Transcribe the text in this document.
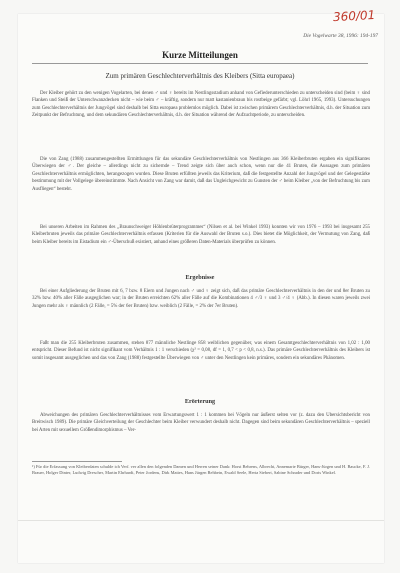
360/01
Die Vogelwarte 38, 1996: 194-197
Kurze Mitteilungen
Zum primären Geschlechterverhältnis des Kleibers (Sitta europaea)
Der Kleiber gehört zu den wenigen Vogelarten, bei denen ♂ und ♀ bereits im Nestlingsstadium anhand von Gefiederunterschieden zu unterscheiden sind (beim ♀ sind Flanken und Steiß der Unterschwanzdecken nicht – wie beim ♂ – kräftig, sondern nur matt kastanienbraun bis rostbeige gefärbt; vgl. Löhrl 1965, 1993). Untersuchungen zum Geschlechterverhältnis der Jungvögel sind deshalb bei Sitta europaea problemlos möglich. Dabei ist zwischen primärem Geschlechterverhältnis, d.h. der Situation zum Zeitpunkt der Befruchtung, und dem sekundären Geschlechterverhältnis, d.h. der Situation während der Aufzuchtperiode, zu unterscheiden.
Die von Zang (1988) zusammengestellten Ermittlungen für das sekundäre Geschlechterverhältnis von Nestlingen aus 366 Kleiberbruten ergaben ein signifikantes Überwiegen der ♂. Der gleiche – allerdings nicht zu sichernde – Trend zeigte sich über auch schon, wenn nur die 41 Bruten, die Aussagen zum primären Geschlechterverhältnis ermöglichten, herangezogen wurden. Diese Bruten erfüllten jeweils das Kriterium, daß die festgestellte Anzahl der Jungvögel und der Gelegestärke bestimmung mit der Vollgelege übereinstimmte. Nach Ansicht von Zang war damit, daß das Ungleichgewicht zu Gunsten der ♂ beim Kleiber „von der Befruchtung bis zum Ausfliegen“ besteht.
Bei unseren Arbeiten im Rahmen des „Braunschweiger Höhlenbrüterprogrammes“ (Nilsen et al. bei Winkel 1993) konnten wir von 1976 – 1993 bei insgesamt 255 Kleiberbruten jeweils das primäre Geschlechterverhältnis erfassen (Kriterien für die Auswahl der Bruten s.o.). Dies bietet die Möglichkeit, der Vermutung von Zang, daß beim Kleiber bereits im Eistadium ein ♂-Überschuß existiert, anhand eines größeren Daten-Materials überprüfen zu können.
Ergebnisse
Bei einer Aufgliederung der Bruten mit 6, 7 bzw. 8 Eiern und Jungen nach ♂ und ♀ zeigt sich, daß das primäre Geschlechterverhältnis in den der und 8er Bruten zu 32% bzw. 40% aller Fälle ausgeglichen war; in der Bruten erreichten 62% aller Fälle auf die Kombinationen 4 ♂/3 ♀ und 3 ♂/4 ♀ (Abb.). In diesen waren jeweils zwei Jungen mehr als ♀ männlich (2 Fälle, = 5% der 6er Bruten) bzw. weiblich (2 Fälle, = 2% der 7er Bruten).
Faßt man die 255 Kleiberbruten zusammen, stehen 877 männliche Nestlinge 858 weiblichen gegenüber, was einem Gesamtgeschlechterverhältnis von 1,02 : 1,00 entspricht. Dieser Befund ist nicht signifikant vom Verhältnis 1 : 1 verschieden (χ² = 0,08, df = 1, 0,7 < p < 0,8, n.s.). Das primäre Geschlechterverhältnis des Kleibers ist somit insgesamt ausgeglichen und das von Zang (1988) festgestellte Überwiegen von ♂ unter den Nestlingen kein primäres, sondern ein sekundäres Phänomen.
Erörterung
Abweichungen des primären Geschlechterverhältnisses vom Erwartungswert 1 : 1 kommen bei Vögeln nur äußerst selten vor (z. dazu den Übersichtsbericht von Breitwisch 1989). Die primäre Gleichverteilung der Geschlechter beim Kleiber verwundert deshalb nicht. Dagegen sind beim sekundären Geschlechterverhältnis – speziell bei Arten mit sexuellem Größendimorphismus – Ver-
¹) Für die Erfassung von Kleiberdaten schulde ich Verf. ver allen den folgenden Damen und Herren seiner Dank: Horst Behrens, Albrecht, Annemarie Bürger, Hans-Jürgen und H. Baucke, F. J. Brauer, Holger Dinter, Ludwig Drescher, Martin Ehrhardt, Peter Jordens, Dirk Mattes, Hans Jürgen Rehbein, Ewald Seele, Herta Siebert, Sabine Schrader und Doris Winkel.
